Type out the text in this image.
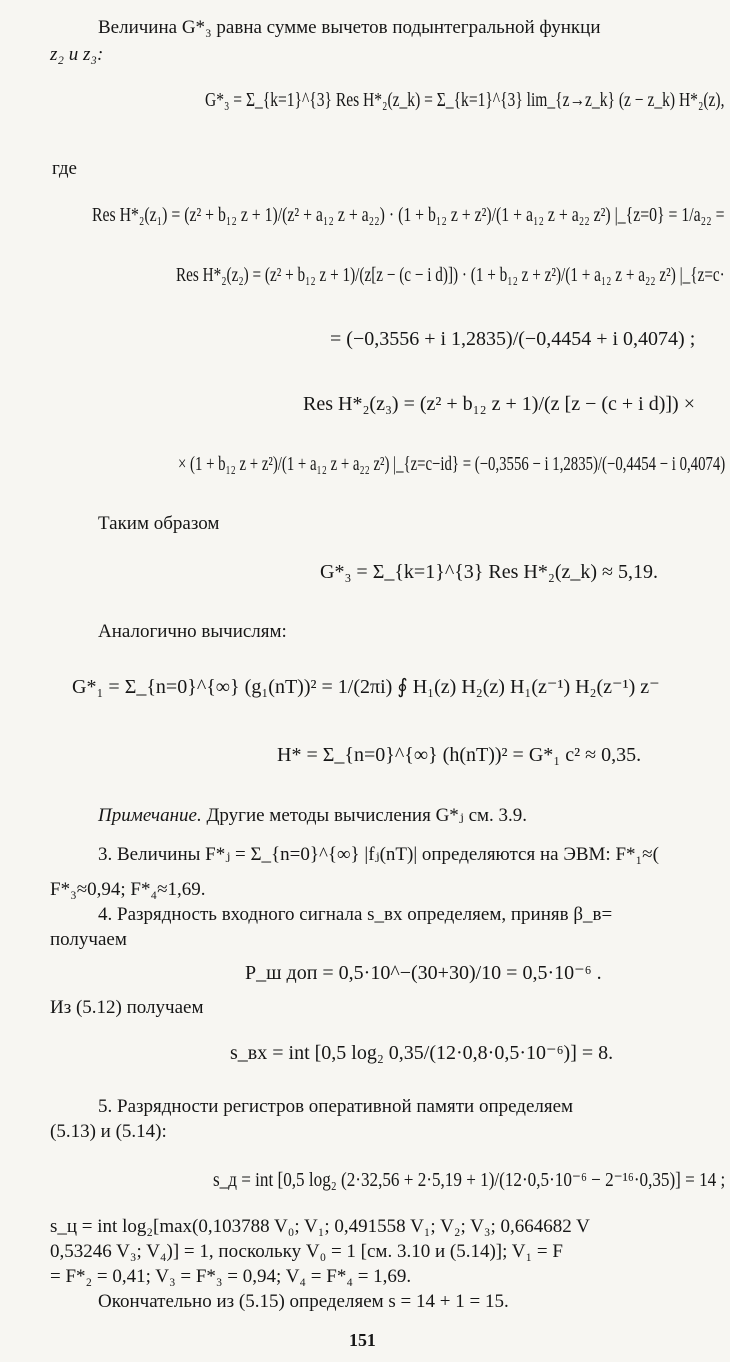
Величина G*₃ равна сумме вычетов подынтегральной функци
z₂ и z₃:
G*₃ = Σ_{k=1}^{3} Res H*₂(z_k) = Σ_{k=1}^{3} lim_{z→z_k} (z − z_k) H*₂(z),
где
Res H*₂(z₁) = (z² + b₁₂ z + 1)/(z² + a₁₂ z + a₂₂) · (1 + b₁₂ z + z²)/(1 + a₁₂ z + a₂₂ z²) |_{z=0} = 1/a₂₂ =
Res H*₂(z₂) = (z² + b₁₂ z + 1)/(z[z − (c − i d)]) · (1 + b₁₂ z + z²)/(1 + a₁₂ z + a₂₂ z²) |_{z=c·
= (−0,3556 + i 1,2835)/(−0,4454 + i 0,4074) ;
Res H*₂(z₃) = (z² + b₁₂ z + 1)/(z [z − (c + i d)]) ×
× (1 + b₁₂ z + z²)/(1 + a₁₂ z + a₂₂ z²) |_{z=c−id} = (−0,3556 − i 1,2835)/(−0,4454 − i 0,4074)
Таким образом
G*₃ = Σ_{k=1}^{3} Res H*₂(z_k) ≈ 5,19.
Аналогично вычислям:
G*₁ = Σ_{n=0}^{∞} (g₁(nT))² = 1/(2πi) ∮ H₁(z) H₂(z) H₁(z⁻¹) H₂(z⁻¹) z⁻
H* = Σ_{n=0}^{∞} (h(nT))² = G*₁ c² ≈ 0,35.
Примечание. Другие методы вычисления G*ⱼ см. 3.9.
3. Величины F*ⱼ = Σ_{n=0}^{∞} |fⱼ(nT)| определяются на ЭВМ: F*₁≈(
F*₃≈0,94; F*₄≈1,69.
4. Разрядность входного сигнала s_вх определяем, приняв β_в=
получаем
P_ш доп = 0,5·10^−(30+30)/10 = 0,5·10⁻⁶ .
Из (5.12) получаем
s_вх = int [0,5 log₂ 0,35/(12·0,8·0,5·10⁻⁶)] = 8.
5. Разрядности регистров оперативной памяти определяем
(5.13) и (5.14):
s_д = int [0,5 log₂ (2·32,56 + 2·5,19 + 1)/(12·0,5·10⁻⁶ − 2⁻¹⁶·0,35)] = 14 ;
s_ц = int log₂[max(0,103788 V₀; V₁; 0,491558 V₁; V₂; V₃; 0,664682 V
0,53246 V₃; V₄)] = 1, поскольку V₀ = 1 [см. 3.10 и (5.14)]; V₁ = F
= F*₂ = 0,41; V₃ = F*₃ = 0,94; V₄ = F*₄ = 1,69.
Окончательно из (5.15) определяем s = 14 + 1 = 15.
151
